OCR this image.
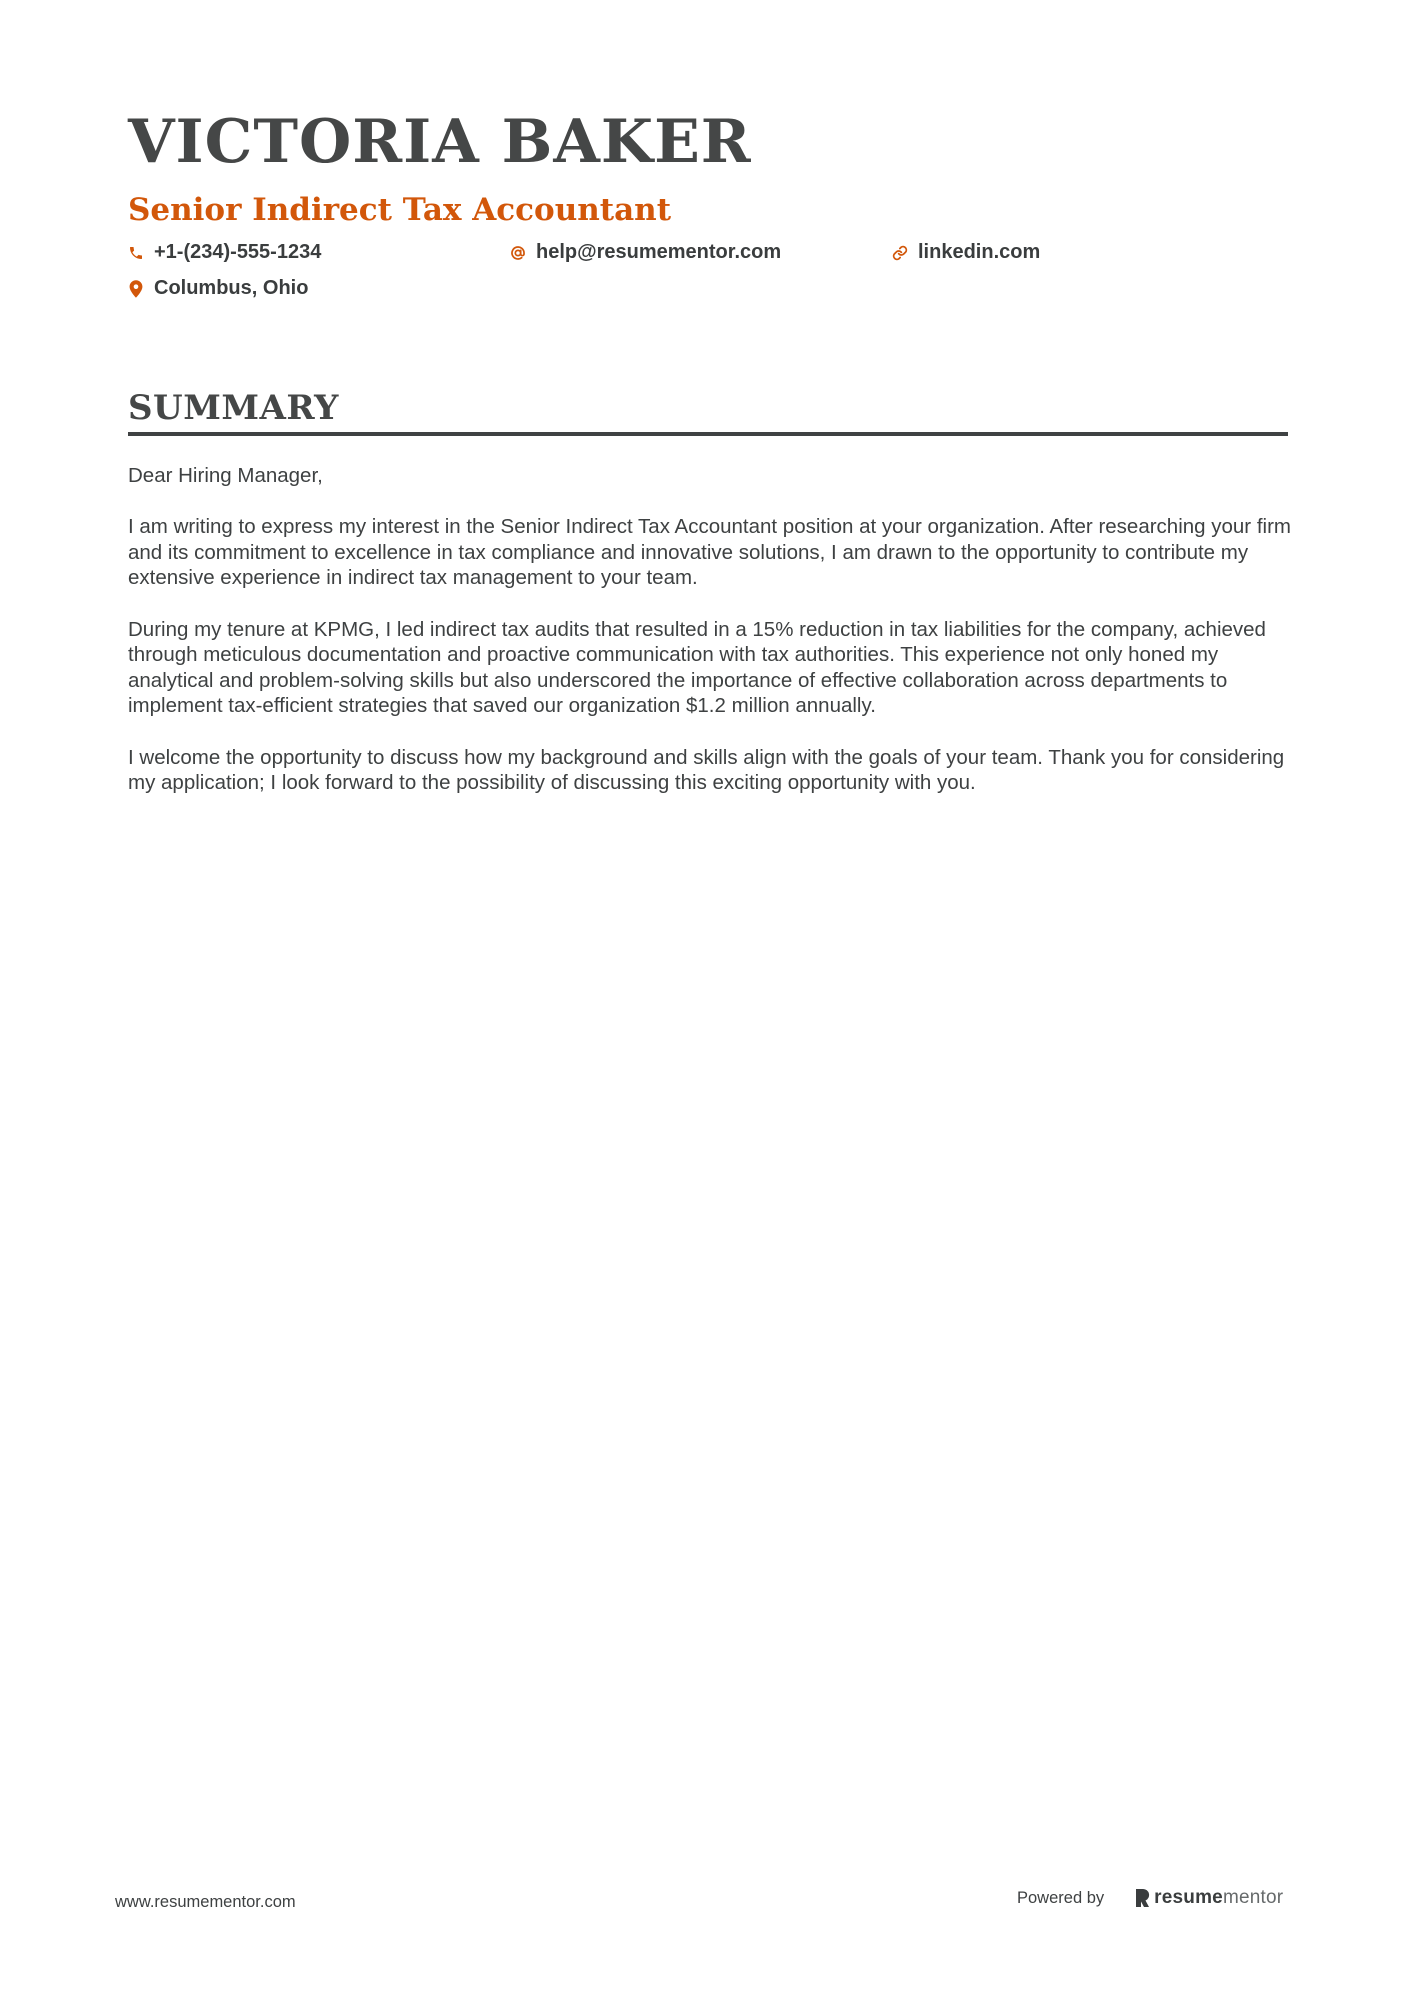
VICTORIA BAKER
Senior Indirect Tax Accountant
+1-(234)-555-1234	help@resumementor.com	linkedin.com
Columbus, Ohio
SUMMARY

Dear Hiring Manager,

I am writing to express my interest in the Senior Indirect Tax Accountant position at your organization. After researching your firm and its commitment to excellence in tax compliance and innovative solutions, I am drawn to the opportunity to contribute my extensive experience in indirect tax management to your team.

During my tenure at KPMG, I led indirect tax audits that resulted in a 15% reduction in tax liabilities for the company, achieved through meticulous documentation and proactive communication with tax authorities. This experience not only honed my analytical and problem-solving skills but also underscored the importance of effective collaboration across departments to implement tax-efficient strategies that saved our organization $1.2 million annually.

I welcome the opportunity to discuss how my background and skills align with the goals of your team. Thank you for considering my application; I look forward to the possibility of discussing this exciting opportunity with you.

www.resumementor.com	Powered by	resumementor
